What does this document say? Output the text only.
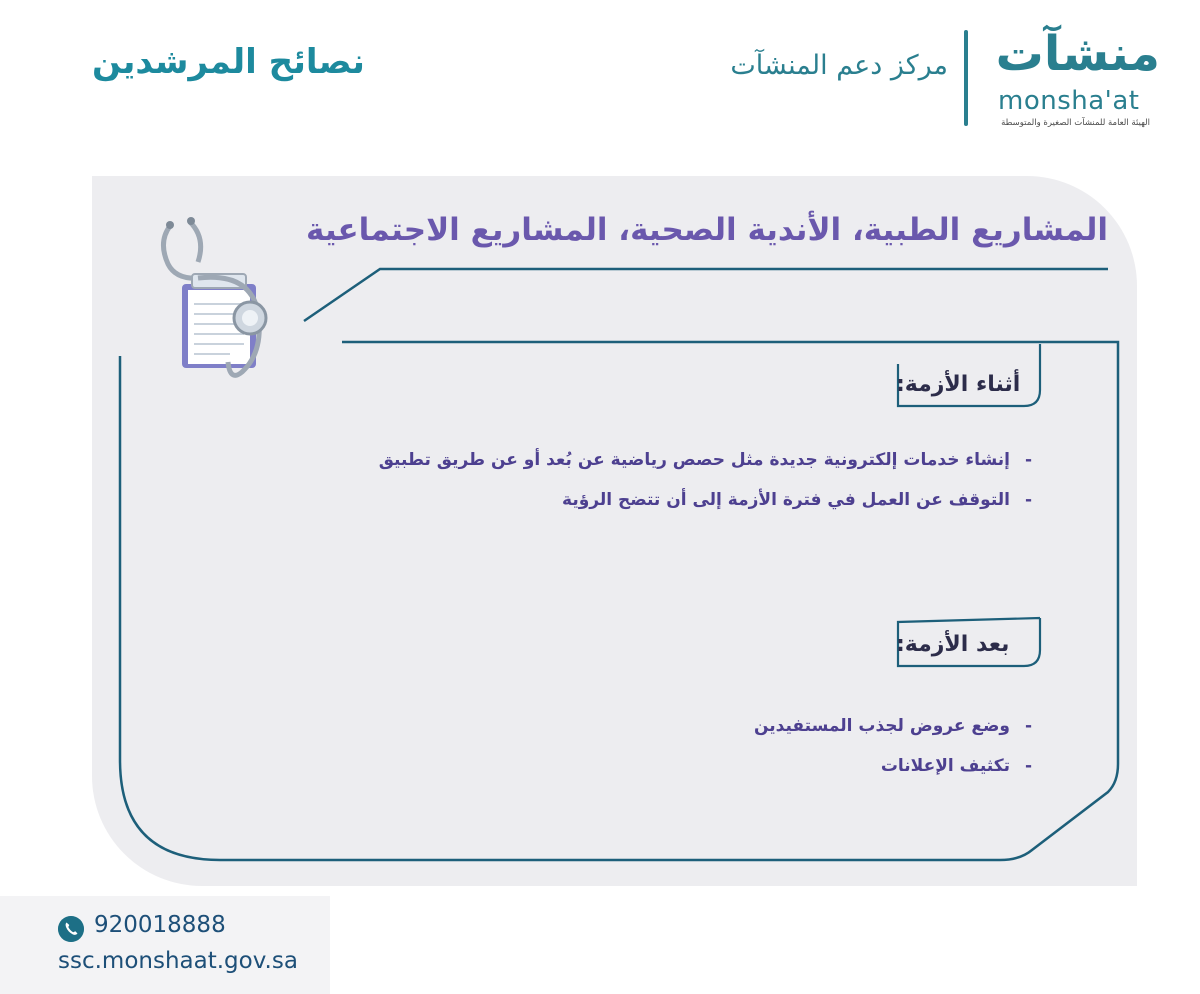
منشآت
monsha'at
الهيئة العامة للمنشآت الصغيرة والمتوسطة
مركز دعم المنشآت
نصائح المرشدين
المشاريع الطبية، الأندية الصحية، المشاريع الاجتماعية
أثناء الأزمة:
-
إنشاء خدمات إلكترونية جديدة مثل حصص رياضية عن بُعد أو عن طريق تطبيق
-
التوقف عن العمل في فترة الأزمة إلى أن تتضح الرؤية
بعد الأزمة:
-
وضع عروض لجذب المستفيدين
-
تكثيف الإعلانات
920018888
ssc.monshaat.gov.sa
